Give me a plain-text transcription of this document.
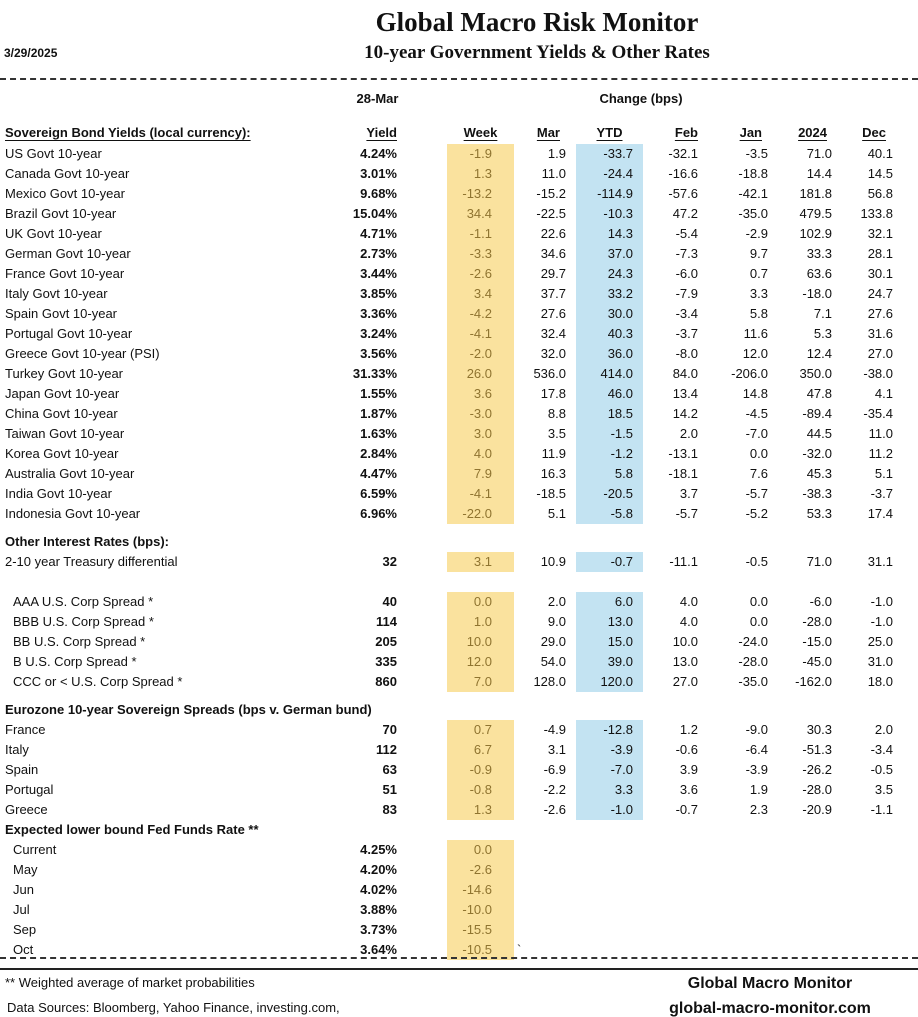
Global Macro Risk Monitor
10-year Government Yields & Other Rates
3/29/2025
28-Mar	Change (bps)
Sovereign Bond Yields (local currency):	Yield	Week	Mar	YTD	Feb	Jan	2024	Dec
US Govt 10-year	4.24%	-1.9	1.9	-33.7	-32.1	-3.5	71.0	40.1
Canada Govt 10-year	3.01%	1.3	11.0	-24.4	-16.6	-18.8	14.4	14.5
Mexico Govt 10-year	9.68%	-13.2	-15.2	-114.9	-57.6	-42.1	181.8	56.8
Brazil Govt 10-year	15.04%	34.4	-22.5	-10.3	47.2	-35.0	479.5	133.8
UK Govt 10-year	4.71%	-1.1	22.6	14.3	-5.4	-2.9	102.9	32.1
German Govt 10-year	2.73%	-3.3	34.6	37.0	-7.3	9.7	33.3	28.1
France Govt 10-year	3.44%	-2.6	29.7	24.3	-6.0	0.7	63.6	30.1
Italy Govt 10-year	3.85%	3.4	37.7	33.2	-7.9	3.3	-18.0	24.7
Spain Govt 10-year	3.36%	-4.2	27.6	30.0	-3.4	5.8	7.1	27.6
Portugal Govt 10-year	3.24%	-4.1	32.4	40.3	-3.7	11.6	5.3	31.6
Greece Govt 10-year (PSI)	3.56%	-2.0	32.0	36.0	-8.0	12.0	12.4	27.0
Turkey Govt 10-year	31.33%	26.0	536.0	414.0	84.0	-206.0	350.0	-38.0
Japan Govt 10-year	1.55%	3.6	17.8	46.0	13.4	14.8	47.8	4.1
China Govt 10-year	1.87%	-3.0	8.8	18.5	14.2	-4.5	-89.4	-35.4
Taiwan Govt 10-year	1.63%	3.0	3.5	-1.5	2.0	-7.0	44.5	11.0
Korea Govt 10-year	2.84%	4.0	11.9	-1.2	-13.1	0.0	-32.0	11.2
Australia Govt 10-year	4.47%	7.9	16.3	5.8	-18.1	7.6	45.3	5.1
India Govt 10-year	6.59%	-4.1	-18.5	-20.5	3.7	-5.7	-38.3	-3.7
Indonesia Govt 10-year	6.96%	-22.0	5.1	-5.8	-5.7	-5.2	53.3	17.4
Other Interest Rates (bps):
2-10 year Treasury differential	32	3.1	10.9	-0.7	-11.1	-0.5	71.0	31.1
AAA U.S. Corp Spread *	40	0.0	2.0	6.0	4.0	0.0	-6.0	-1.0
BBB U.S. Corp Spread *	114	1.0	9.0	13.0	4.0	0.0	-28.0	-1.0
BB U.S. Corp Spread *	205	10.0	29.0	15.0	10.0	-24.0	-15.0	25.0
B U.S. Corp Spread *	335	12.0	54.0	39.0	13.0	-28.0	-45.0	31.0
CCC or < U.S. Corp Spread *	860	7.0	128.0	120.0	27.0	-35.0	-162.0	18.0
Eurozone 10-year Sovereign Spreads (bps v. German bund)
France	70	0.7	-4.9	-12.8	1.2	-9.0	30.3	2.0
Italy	112	6.7	3.1	-3.9	-0.6	-6.4	-51.3	-3.4
Spain	63	-0.9	-6.9	-7.0	3.9	-3.9	-26.2	-0.5
Portugal	51	-0.8	-2.2	3.3	3.6	1.9	-28.0	3.5
Greece	83	1.3	-2.6	-1.0	-0.7	2.3	-20.9	-1.1
Expected lower bound Fed Funds Rate **
Current	4.25%	0.0
May	4.20%	-2.6
Jun	4.02%	-14.6
Jul	3.88%	-10.0
Sep	3.73%	-15.5
Oct	3.64%	-10.5	`
** Weighted average of market probabilities
Data Sources: Bloomberg, Yahoo Finance, investing.com,
Global Macro Monitor
global-macro-monitor.com
